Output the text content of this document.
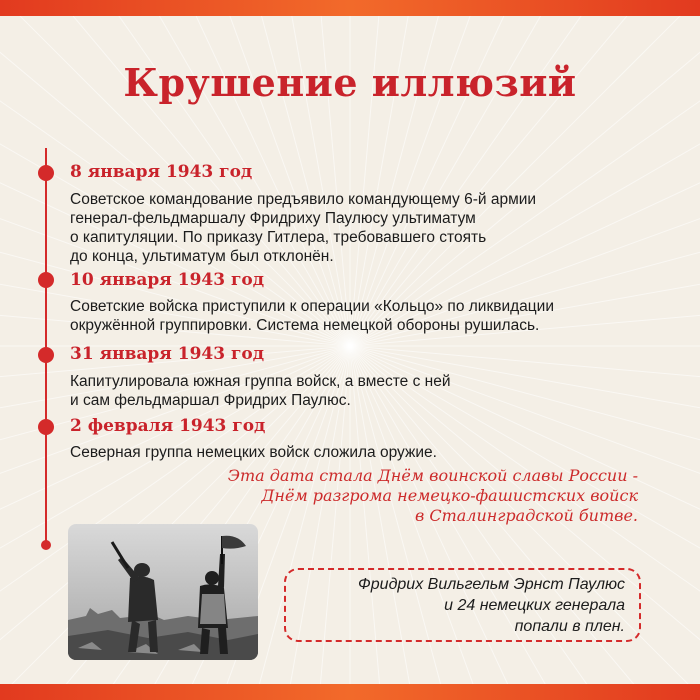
Крушение иллюзий
8 января 1943 год
Советское командование предъявило командующему 6-й армии
генерал-фельдмаршалу Фридриху Паулюсу ультиматум
о капитуляции. По приказу Гитлера, требовавшего стоять
до конца, ультиматум был отклонён.
10 января 1943 год
Советские войска приступили к операции «Кольцо» по ликвидации
окружённой группировки. Система немецкой обороны рушилась.
31 января 1943 год
Капитулировала южная группа войск, а вместе с ней
и сам фельдмаршал Фридрих Паулюс.
2 февраля 1943 год
Северная группа немецких войск сложила оружие.
Эта дата стала Днём воинской славы России -
Днём разгрома немецко-фашистских войск
в Сталинградской битве.
Фридрих Вильгельм Эрнст Паулюс
и 24 немецких генерала
попали в плен.
